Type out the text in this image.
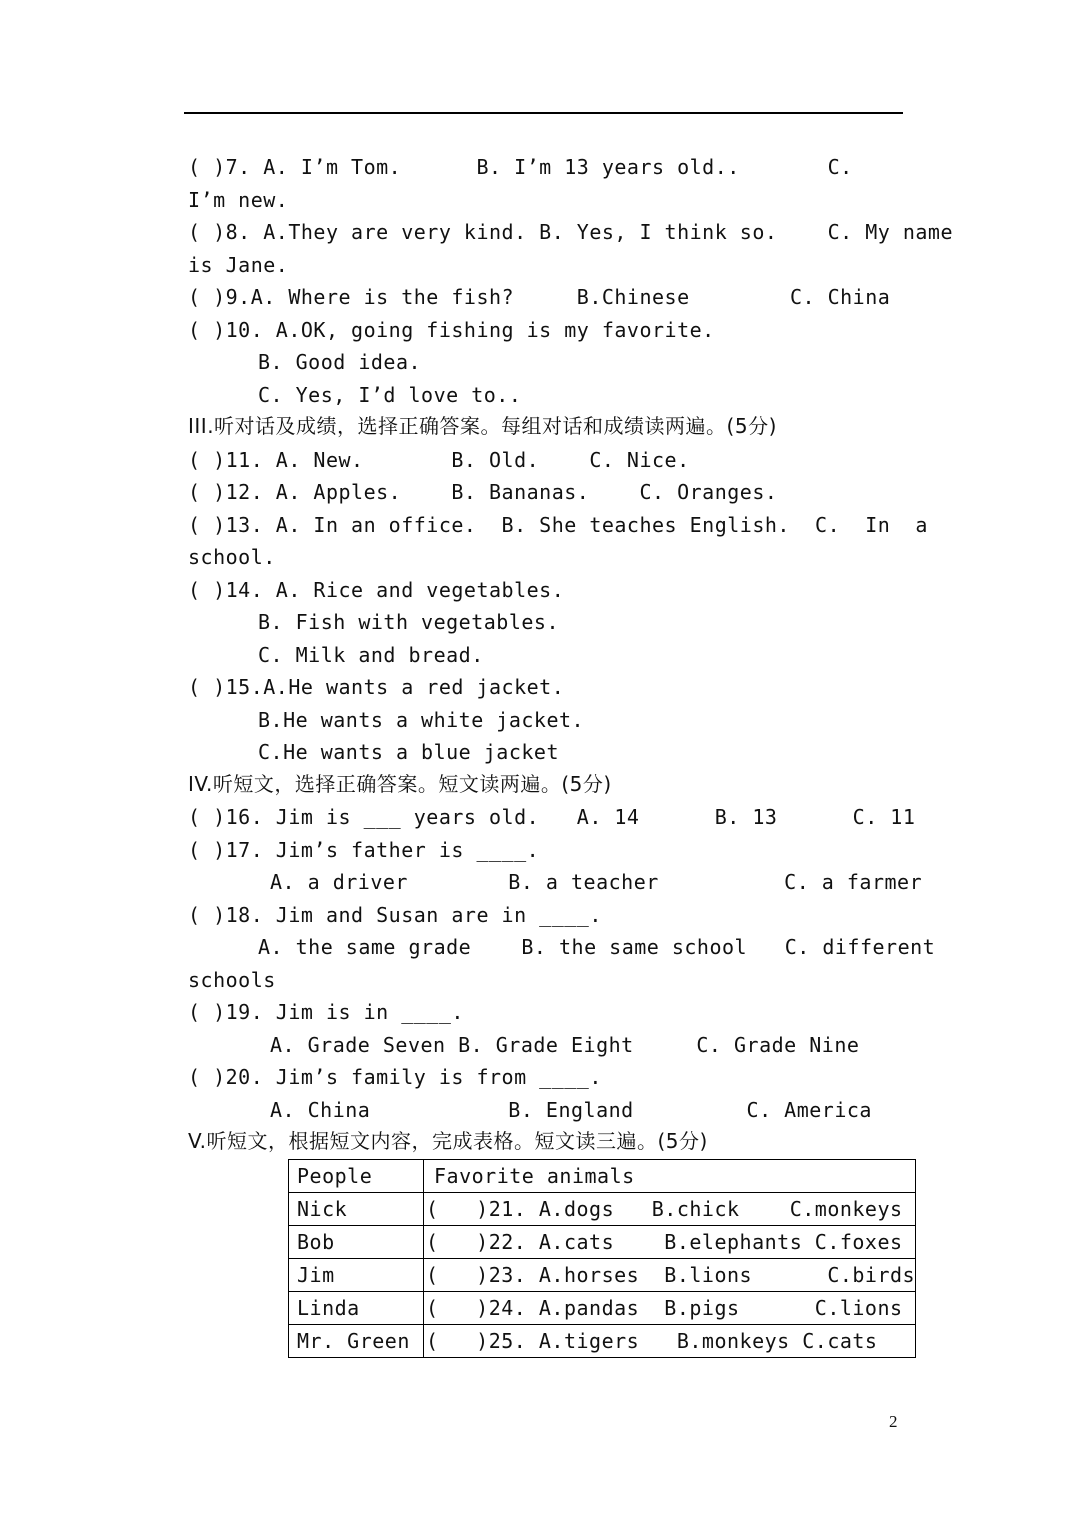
( )7. A. I’m Tom.      B. I’m 13 years old..       C.
I’m new.
( )8. A.They are very kind. B. Yes, I think so.    C. My name
is Jane.
( )9.A. Where is the fish?     B.Chinese        C. China
( )10. A.OK, going fishing is my favorite.
B. Good idea.
C. Yes, I’d love to..
III.听对话及成绩，选择正确答案。每组对话和成绩读两遍。(5分)
( )11. A. New.       B. Old.    C. Nice.
( )12. A. Apples.    B. Bananas.    C. Oranges.
( )13. A. In an office.  B. She teaches English.  C.  In  a
school.
( )14. A. Rice and vegetables.
B. Fish with vegetables.
C. Milk and bread.
( )15.A.He wants a red jacket.
B.He wants a white jacket.
C.He wants a blue jacket
IV.听短文，选择正确答案。短文读两遍。(5分)
( )16. Jim is ___ years old.   A. 14      B. 13      C. 11
( )17. Jim’s father is ____.
A. a driver        B. a teacher          C. a farmer
( )18. Jim and Susan are in ____.
A. the same grade    B. the same school   C. different
schools
( )19. Jim is in ____.
A. Grade Seven B. Grade Eight     C. Grade Nine
( )20. Jim’s family is from ____.
A. China           B. England         C. America
V.听短文，根据短文内容，完成表格。短文读三遍。(5分)
People	Favorite animals
Nick	(   )21. A.dogs   B.chick    C.monkeys
Bob	(   )22. A.cats    B.elephants C.foxes
Jim	(   )23. A.horses  B.lions      C.birds
Linda	(   )24. A.pandas  B.pigs      C.lions
Mr. Green	(   )25. A.tigers   B.monkeys C.cats
2
